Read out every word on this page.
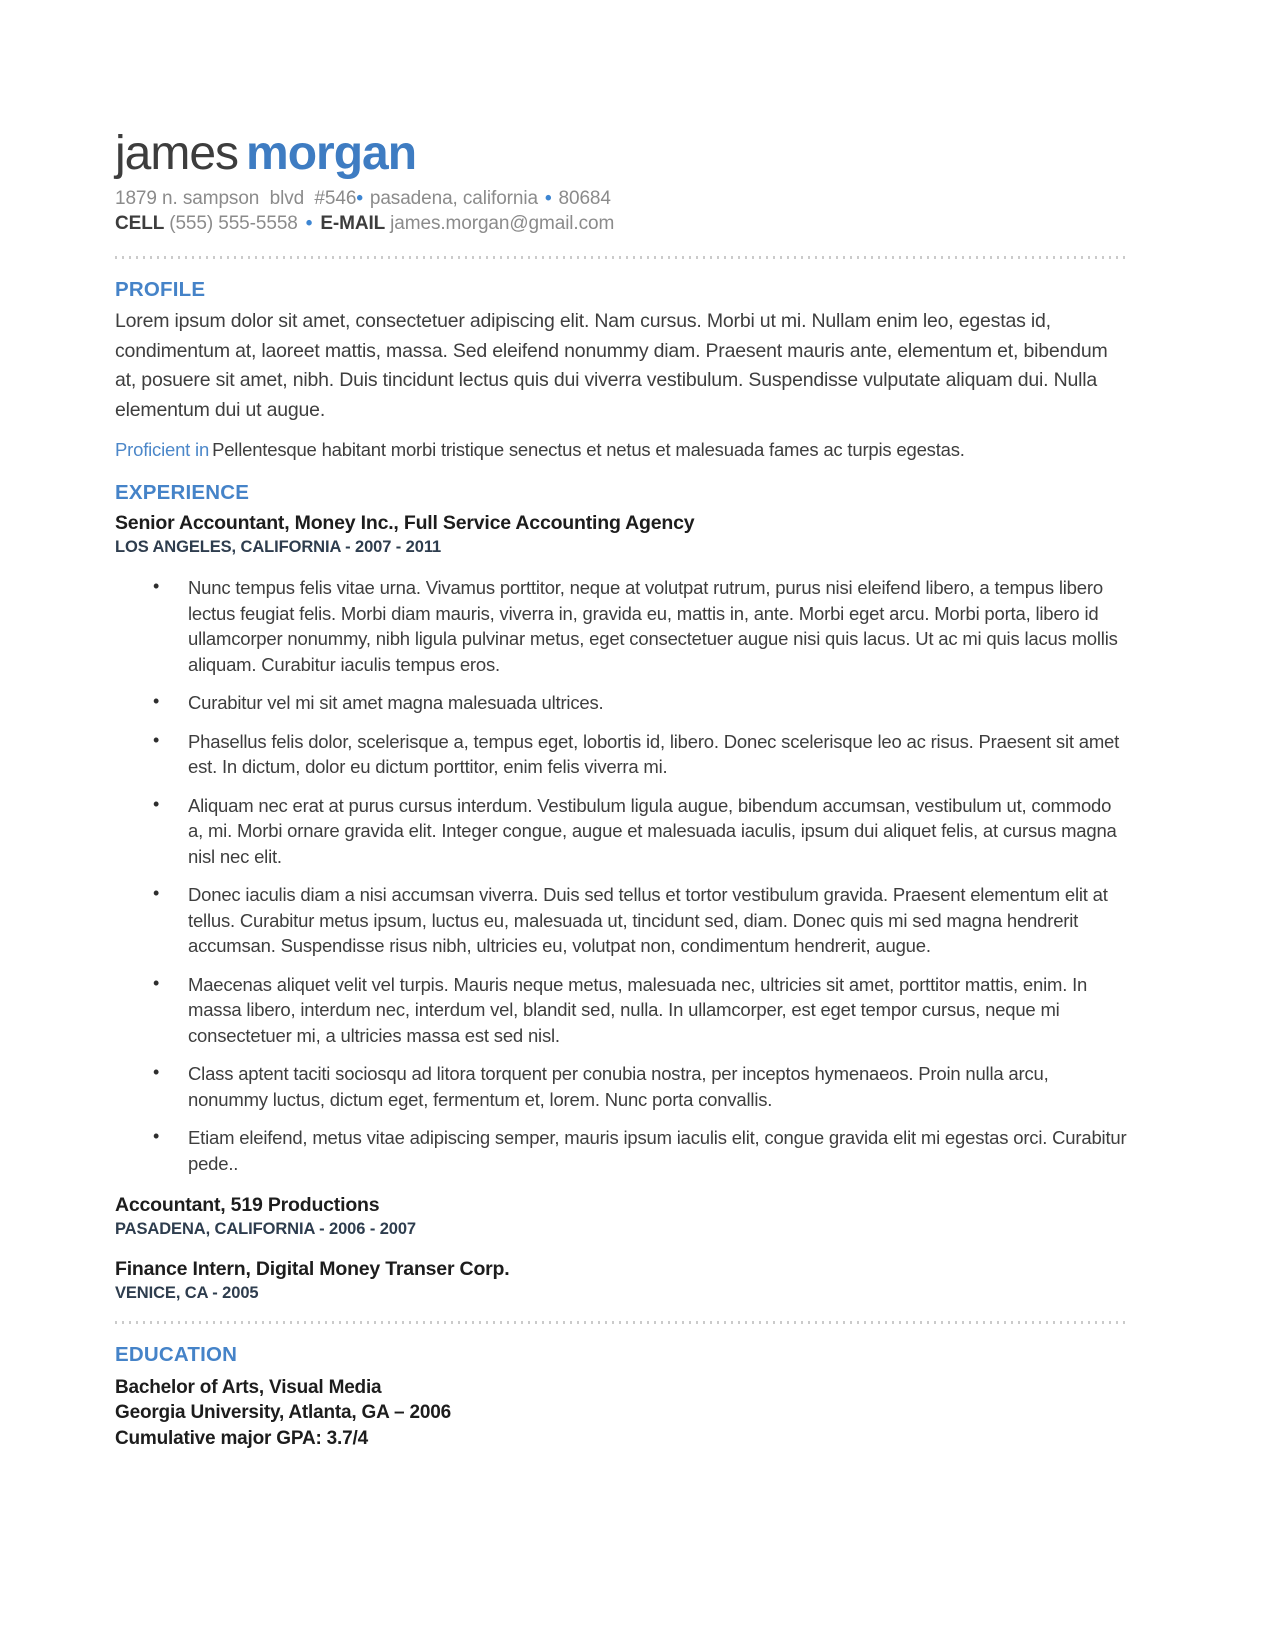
james morgan
1879 n. sampson  blvd  #546• pasadena, california • 80684
CELL (555) 555-5558 • E-MAIL james.morgan@gmail.com
PROFILE

Lorem ipsum dolor sit amet, consectetuer adipiscing elit. Nam cursus. Morbi ut mi. Nullam enim leo, egestas id, condimentum at, laoreet mattis, massa. Sed eleifend nonummy diam. Praesent mauris ante, elementum et, bibendum at, posuere sit amet, nibh. Duis tincidunt lectus quis dui viverra vestibulum. Suspendisse vulputate aliquam dui. Nulla elementum dui ut augue.

Proficient in Pellentesque habitant morbi tristique senectus et netus et malesuada fames ac turpis egestas.

EXPERIENCE

Senior Accountant, Money Inc., Full Service Accounting Agency

LOS ANGELES, CALIFORNIA - 2007 - 2011

• Nunc tempus felis vitae urna. Vivamus porttitor, neque at volutpat rutrum, purus nisi eleifend libero, a tempus libero lectus feugiat felis. Morbi diam mauris, viverra in, gravida eu, mattis in, ante. Morbi eget arcu. Morbi porta, libero id ullamcorper nonummy, nibh ligula pulvinar metus, eget consectetuer augue nisi quis lacus. Ut ac mi quis lacus mollis aliquam. Curabitur iaculis tempus eros.
• Curabitur vel mi sit amet magna malesuada ultrices.
• Phasellus felis dolor, scelerisque a, tempus eget, lobortis id, libero. Donec scelerisque leo ac risus. Praesent sit amet est. In dictum, dolor eu dictum porttitor, enim felis viverra mi.
• Aliquam nec erat at purus cursus interdum. Vestibulum ligula augue, bibendum accumsan, vestibulum ut, commodo a, mi. Morbi ornare gravida elit. Integer congue, augue et malesuada iaculis, ipsum dui aliquet felis, at cursus magna nisl nec elit.
• Donec iaculis diam a nisi accumsan viverra. Duis sed tellus et tortor vestibulum gravida. Praesent elementum elit at tellus. Curabitur metus ipsum, luctus eu, malesuada ut, tincidunt sed, diam. Donec quis mi sed magna hendrerit accumsan. Suspendisse risus nibh, ultricies eu, volutpat non, condimentum hendrerit, augue.
• Maecenas aliquet velit vel turpis. Mauris neque metus, malesuada nec, ultricies sit amet, porttitor mattis, enim. In massa libero, interdum nec, interdum vel, blandit sed, nulla. In ullamcorper, est eget tempor cursus, neque mi consectetuer mi, a ultricies massa est sed nisl.
• Class aptent taciti sociosqu ad litora torquent per conubia nostra, per inceptos hymenaeos. Proin nulla arcu, nonummy luctus, dictum eget, fermentum et, lorem. Nunc porta convallis.
• Etiam eleifend, metus vitae adipiscing semper, mauris ipsum iaculis elit, congue gravida elit mi egestas orci. Curabitur pede..

Accountant, 519 Productions

PASADENA, CALIFORNIA - 2006 - 2007

Finance Intern, Digital Money Transer Corp.

VENICE, CA - 2005

EDUCATION

Bachelor of Arts, Visual Media

Georgia University, Atlanta, GA – 2006

Cumulative major GPA: 3.7/4
